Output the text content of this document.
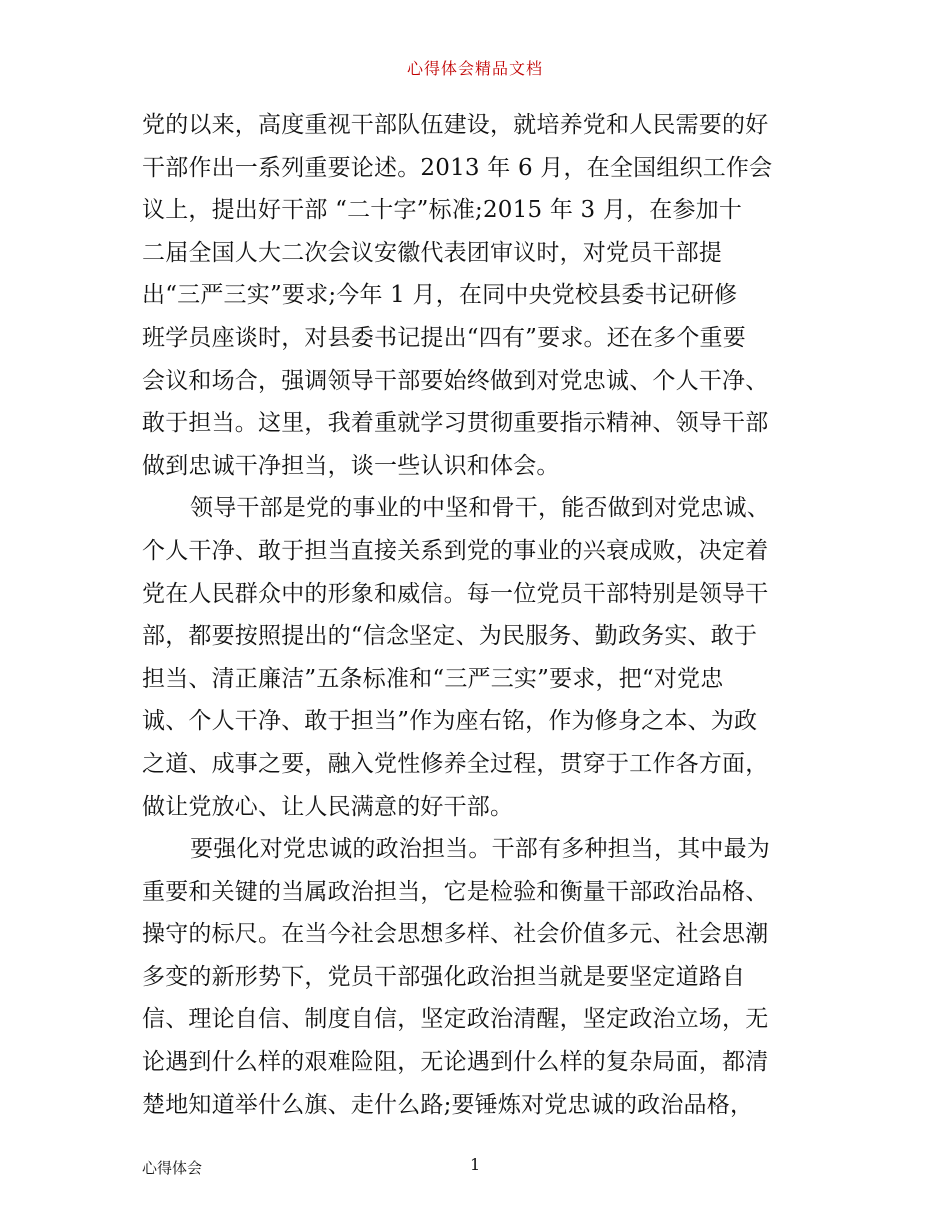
心得体会精品文档
党的以来，高度重视干部队伍建设，就培养党和人民需要的好
干部作出一系列重要论述。2013 年 6 月，在全国组织工作会
议上，提出好干部 “二十字”标准;2015 年 3 月，在参加十
二届全国人大二次会议安徽代表团审议时，对党员干部提
出“三严三实”要求;今年 1 月，在同中央党校县委书记研修
班学员座谈时，对县委书记提出“四有”要求。还在多个重要
会议和场合，强调领导干部要始终做到对党忠诚、个人干净、
敢于担当。这里，我着重就学习贯彻重要指示精神、领导干部
做到忠诚干净担当，谈一些认识和体会。
领导干部是党的事业的中坚和骨干，能否做到对党忠诚、
个人干净、敢于担当直接关系到党的事业的兴衰成败，决定着
党在人民群众中的形象和威信。每一位党员干部特别是领导干
部，都要按照提出的“信念坚定、为民服务、勤政务实、敢于
担当、清正廉洁”五条标准和“三严三实”要求，把“对党忠
诚、个人干净、敢于担当”作为座右铭，作为修身之本、为政
之道、成事之要，融入党性修养全过程，贯穿于工作各方面，
做让党放心、让人民满意的好干部。
要强化对党忠诚的政治担当。干部有多种担当，其中最为
重要和关键的当属政治担当，它是检验和衡量干部政治品格、
操守的标尺。在当今社会思想多样、社会价值多元、社会思潮
多变的新形势下，党员干部强化政治担当就是要坚定道路自
信、理论自信、制度自信，坚定政治清醒，坚定政治立场，无
论遇到什么样的艰难险阻，无论遇到什么样的复杂局面，都清
楚地知道举什么旗、走什么路;要锤炼对党忠诚的政治品格，
心得体会	1
